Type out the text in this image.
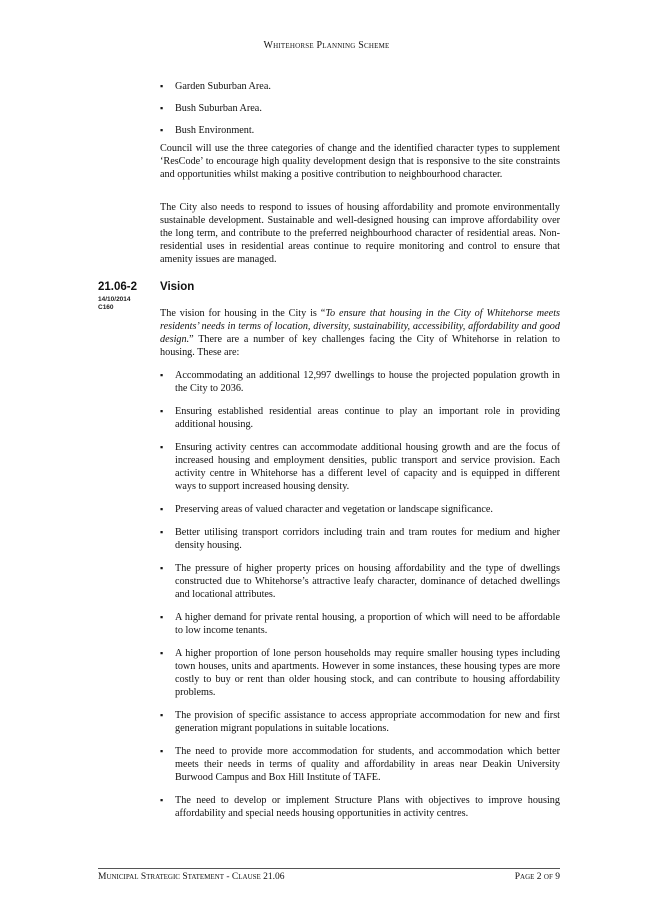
Whitehorse Planning Scheme
▪ Garden Suburban Area.
▪ Bush Suburban Area.
▪ Bush Environment.

Council will use the three categories of change and the identified character types to supplement ‘ResCode’ to encourage high quality development design that is responsive to the site constraints and opportunities whilst making a positive contribution to neighbourhood character.

The City also needs to respond to issues of housing affordability and promote environmentally sustainable development. Sustainable and well-designed housing can improve affordability over the long term, and contribute to the preferred neighbourhood character of residential areas. Non-residential uses in residential areas continue to require monitoring and control to ensure that amenity issues are managed.

21.06-2 Vision
14/10/2014
C160

The vision for housing in the City is “To ensure that housing in the City of Whitehorse meets residents’ needs in terms of location, diversity, sustainability, accessibility, affordability and good design.” There are a number of key challenges facing the City of Whitehorse in relation to housing. These are:

▪ Accommodating an additional 12,997 dwellings to house the projected population growth in the City to 2036.
▪ Ensuring established residential areas continue to play an important role in providing additional housing.
▪ Ensuring activity centres can accommodate additional housing growth and are the focus of increased housing and employment densities, public transport and service provision. Each activity centre in Whitehorse has a different level of capacity and is equipped in different ways to support increased housing density.
▪ Preserving areas of valued character and vegetation or landscape significance.
▪ Better utilising transport corridors including train and tram routes for medium and higher density housing.
▪ The pressure of higher property prices on housing affordability and the type of dwellings constructed due to Whitehorse’s attractive leafy character, dominance of detached dwellings and locational attributes.
▪ A higher demand for private rental housing, a proportion of which will need to be affordable to low income tenants.
▪ A higher proportion of lone person households may require smaller housing types including town houses, units and apartments. However in some instances, these housing types are more costly to buy or rent than older housing stock, and can contribute to housing affordability problems.
▪ The provision of specific assistance to access appropriate accommodation for new and first generation migrant populations in suitable locations.
▪ The need to provide more accommodation for students, and accommodation which better meets their needs in terms of quality and affordability in areas near Deakin University Burwood Campus and Box Hill Institute of TAFE.
▪ The need to develop or implement Structure Plans with objectives to improve housing affordability and special needs housing opportunities in activity centres.
Municipal Strategic Statement - Clause 21.06	Page 2 of 9
